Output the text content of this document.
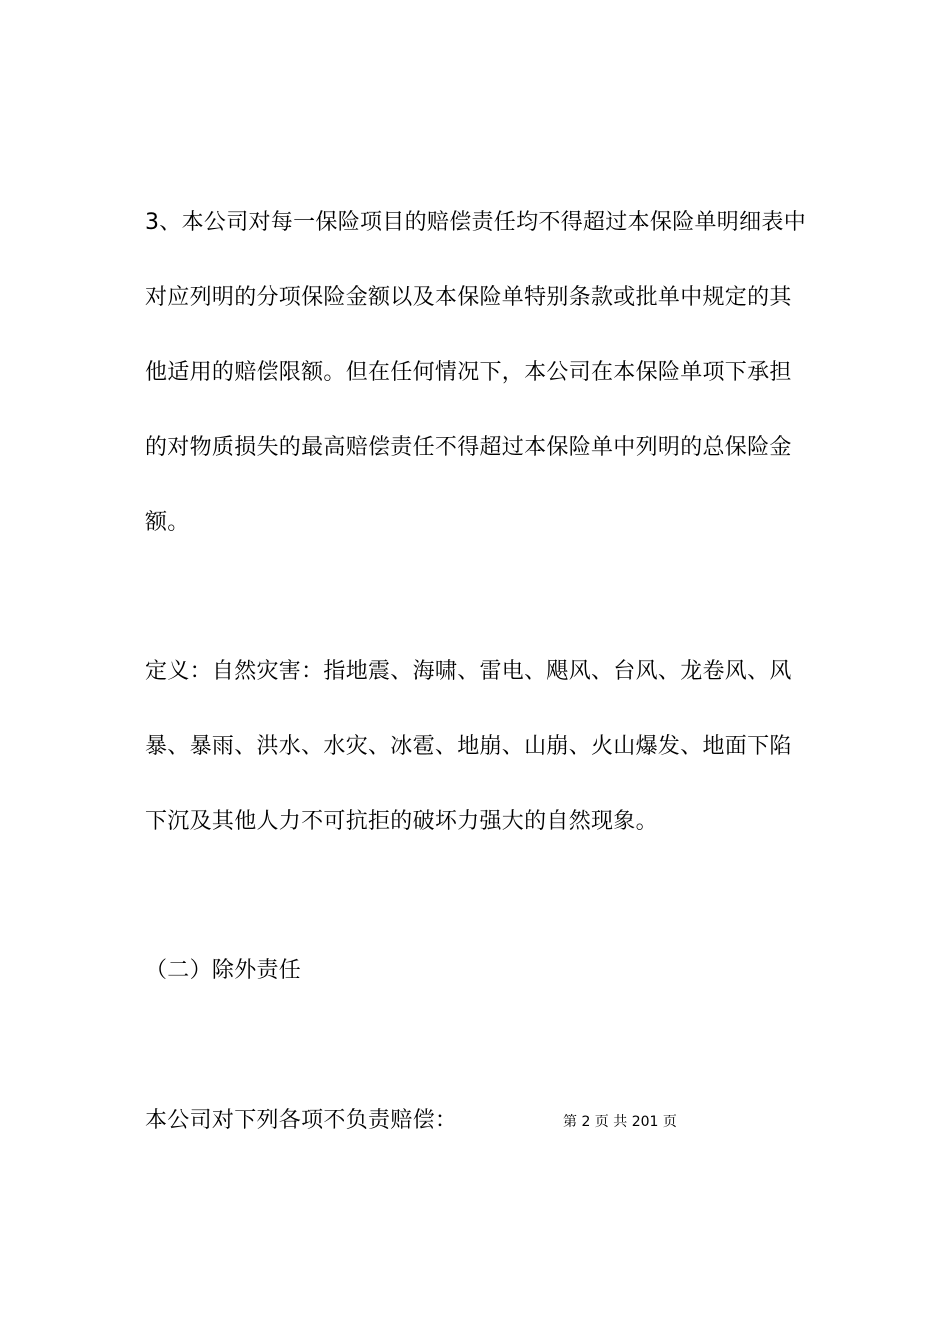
3、本公司对每一保险项目的赔偿责任均不得超过本保险单明细表中
对应列明的分项保险金额以及本保险单特别条款或批单中规定的其
他适用的赔偿限额。但在任何情况下，本公司在本保险单项下承担
的对物质损失的最高赔偿责任不得超过本保险单中列明的总保险金
额。
定义：自然灾害：指地震、海啸、雷电、飓风、台风、龙卷风、风
暴、暴雨、洪水、水灾、冰雹、地崩、山崩、火山爆发、地面下陷
下沉及其他人力不可抗拒的破坏力强大的自然现象。
（二）除外责任
本公司对下列各项不负责赔偿：	第 2 页 共 201 页
